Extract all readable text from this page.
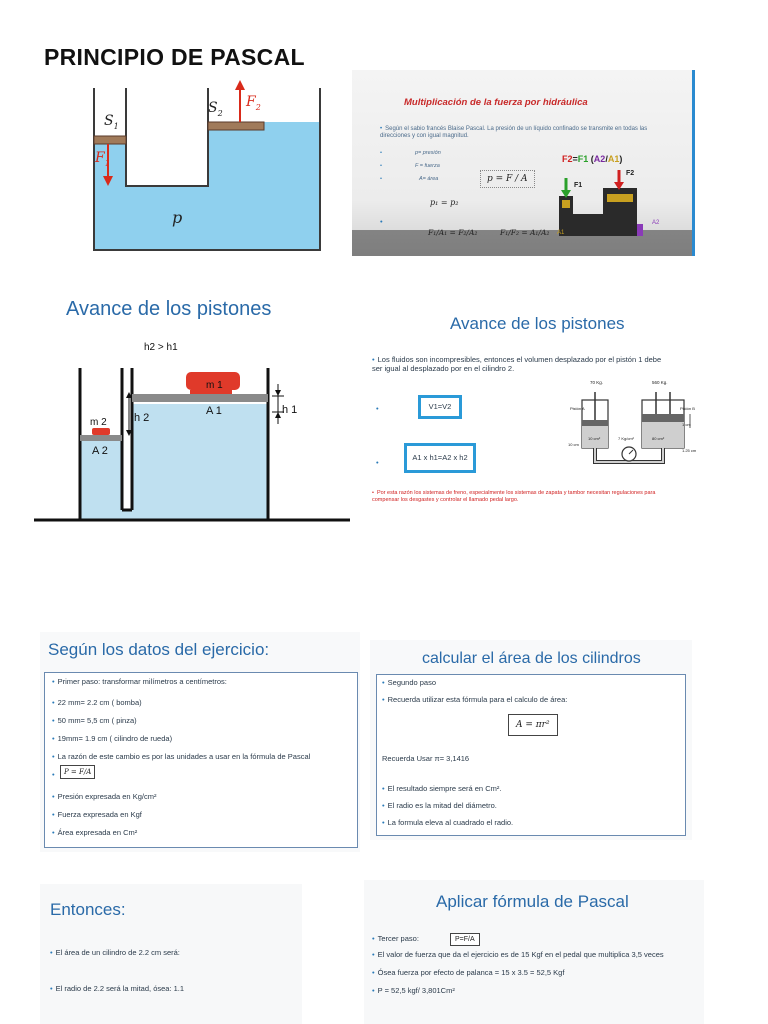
PRINCIPIO DE PASCAL
$S_1$
$S_2$
$F_1$
$F_2$
p
Multiplicación de la fuerza por hidráulica
• Según el sabio francés Blaise Pascal. La presión de un líquido confinado se transmite en todas las direcciones y con igual magnitud.
•	p= presión
•	F = fuerza
•	A= área	p = F / A
p₁ = p₂
•
F₁/A₁ = F₂/A₂	F₁/F₂ = A₁/A₂
F2=F1 (A2/A1)
F1
F2
A1
A2
Avance de los pistones
h2 > h1
m 1
A 1
m 2
A 2
h 2
h 1
Avance de los pistones
• Los fluidos son incompresibles, entonces el volumen desplazado por el pistón 1 debe ser igual al desplazado por en el cilindro 2.
•	V1=V2
•
A1 x h1=A2 x h2
• Por esta razón los sistemas de freno, especialmente los sistemas de zapata y tambor necesitan regulaciones para compensar los desgastes y controlar el llamado pedal largo.
70 Kg.	560 Kg.
Pistón A	Pistón B
10 cm²
10 cm
7 Kg/cm²	80 cm²
1 cm
1.25 cm
Según los datos del ejercicio:
• Primer paso: transformar milímetros a centímetros:
• 22 mm= 2.2 cm ( bomba)
• 50 mm= 5,5 cm ( pinza)
• 19mm= 1.9 cm ( cilindro de rueda)
• La razón de este cambio es por las unidades a usar en la fórmula de Pascal
•	P = F/A
• Presión expresada en Kg/cm²
• Fuerza expresada en Kgf
• Área expresada en Cm²
calcular el área de los cilindros
• Segundo paso
• Recuerda utilizar esta fórmula para el calculo de área:
A = πr²
Recuerda Usar π= 3,1416
• El resultado siempre será en Cm².
• El radio es la mitad del diámetro.
• La formula eleva al cuadrado el radio.
Entonces:
• El área de un cilindro de 2.2 cm será:
• El radio de 2.2 será la mitad, ósea: 1.1
Aplicar fórmula de Pascal
• Tercer paso:	P=F/A
• El valor de fuerza que da el ejercicio es de 15 Kgf en el pedal que multiplica 3,5 veces
• Ósea fuerza por efecto de palanca = 15 x 3.5 = 52,5 Kgf
• P = 52,5 kgf/ 3,801Cm²
